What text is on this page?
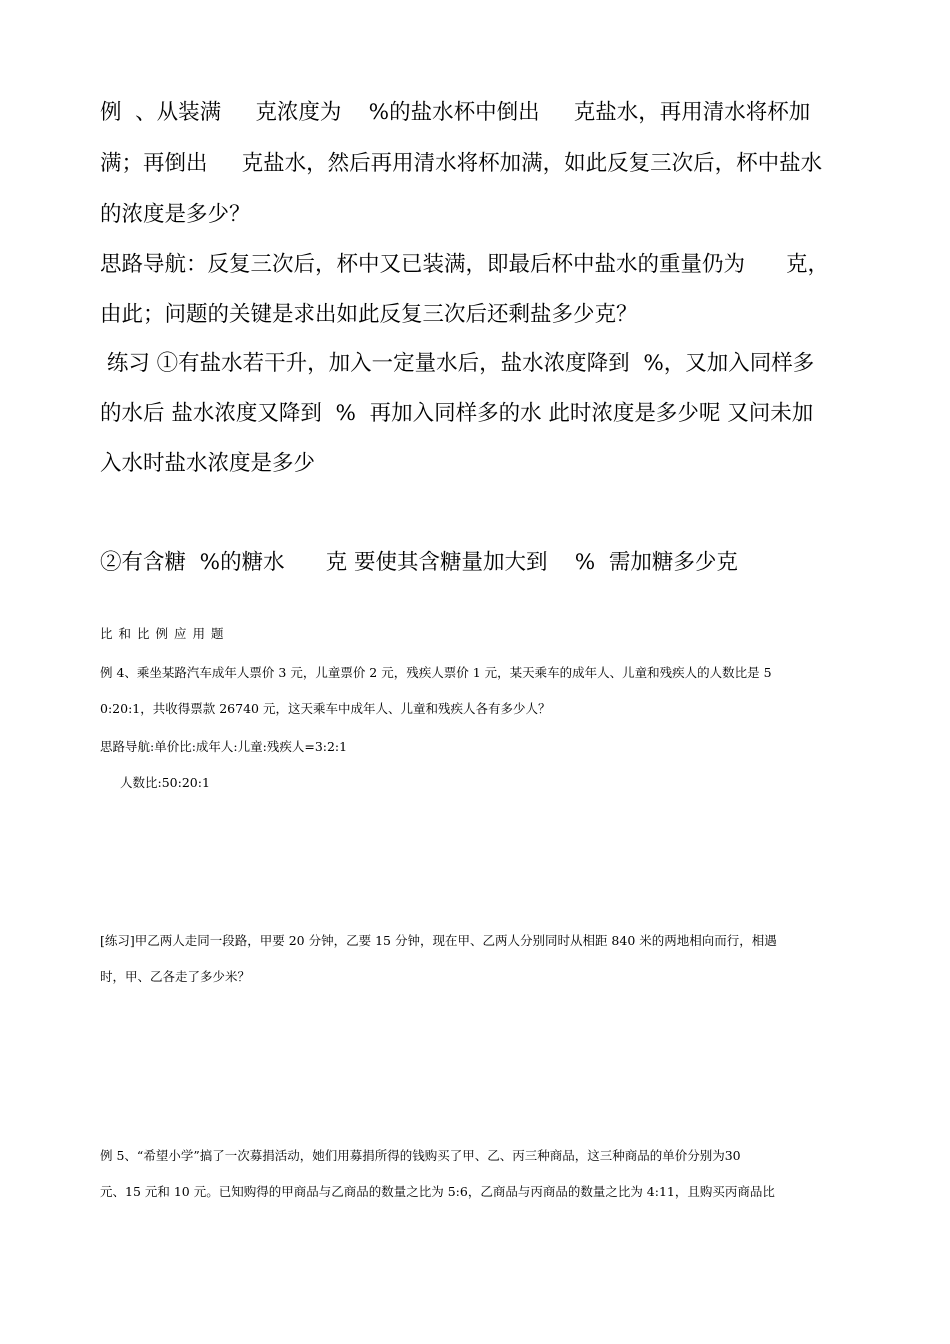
例  、从装满     克浓度为    %的盐水杯中倒出     克盐水，再用清水将杯加

满；再倒出     克盐水，然后再用清水将杯加满，如此反复三次后，杯中盐水

的浓度是多少？

思路导航：反复三次后，杯中又已装满，即最后杯中盐水的重量仍为      克，

由此；问题的关键是求出如此反复三次后还剩盐多少克？

练习 ①有盐水若干升，加入一定量水后，盐水浓度降到  %，又加入同样多

的水后 盐水浓度又降到  %  再加入同样多的水 此时浓度是多少呢 又问未加

入水时盐水浓度是多少

②有含糖  %的糖水      克 要使其含糖量加大到    %  需加糖多少克

比和比例应用题

例 4、乘坐某路汽车成年人票价 3 元，儿童票价 2 元，残疾人票价 1 元，某天乘车的成年人、儿童和残疾人的人数比是 5

0:20:1，共收得票款 26740 元，这天乘车中成年人、儿童和残疾人各有多少人？

思路导航:单价比:成年人:儿童:残疾人=3:2:1

人数比:50:20:1

[练习]甲乙两人走同一段路，甲要 20 分钟，乙要 15 分钟，现在甲、乙两人分别同时从相距 840 米的两地相向而行，相遇

时，甲、乙各走了多少米？

例 5、“希望小学”搞了一次募捐活动，她们用募捐所得的钱购买了甲、乙、丙三种商品，这三种商品的单价分别为30

元、15 元和 10 元。已知购得的甲商品与乙商品的数量之比为 5:6，乙商品与丙商品的数量之比为 4:11，且购买丙商品比
